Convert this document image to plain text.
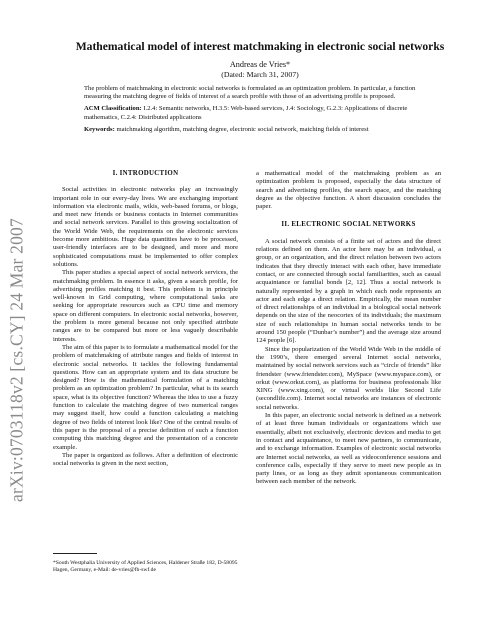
arXiv:0703118v2 [cs.CY] 24 Mar 2007
Mathematical model of interest matchmaking in electronic social networks
Andreas de Vries*
(Dated: March 31, 2007)

The problem of matchmaking in electronic social networks is formulated as an optimization problem. In particular, a function measuring the matching degree of fields of interest of a search profile with those of an advertising profile is proposed.

ACM Classification: I.2.4: Semantic networks, H.3.5: Web-based services, J.4: Sociology, G.2.3: Applications of discrete mathematics, C.2.4: Distributed applications

Keywords: matchmaking algorithm, matching degree, electronic social network, matching fields of interest

I. INTRODUCTION

Social activities in electronic networks play an increasingly important role in our every-day lives. We are exchanging important information via electronic mails, wikis, web-based forums, or blogs, and meet new friends or business contacts in Internet communities and social network services. Parallel to this growing socialization of the World Wide Web, the requirements on the electronic services become more ambitious. Huge data quantities have to be processed, user-friendly interfaces are to be designed, and more and more sophisticated computations must be implemented to offer complex solutions.

This paper studies a special aspect of social network services, the matchmaking problem. In essence it asks, given a search profile, for advertising profiles matching it best. This problem is in principle well-known in Grid computing, where computational tasks are seeking for appropriate resources such as CPU time and memory space on different computers. In electronic social networks, however, the problem is more general because not only specified attribute ranges are to be compared but more or less vaguely describable interests.

The aim of this paper is to formulate a mathematical model for the problem of matchmaking of attribute ranges and fields of interest in electronic social networks. It tackles the following fundamental questions. How can an appropriate system and its data structure be designed? How is the mathematical formulation of a matching problem as an optimization problem? In particular, what is its search space, what is its objective function? Whereas the idea to use a fuzzy function to calculate the matching degree of two numerical ranges may suggest itself, how could a function calculating a matching degree of two fields of interest look like? One of the central results of this paper is the proposal of a precise definition of such a function computing this matching degree and the presentation of a concrete example.

The paper is organized as follows. After a definition of electronic social networks is given in the next section,

a mathematical model of the matchmaking problem as an optimization problem is proposed, especially the data structure of search and advertising profiles, the search space, and the matching degree as the objective function. A short discussion concludes the paper.

II. ELECTRONIC SOCIAL NETWORKS

A social network consists of a finite set of actors and the direct relations defined on them. An actor here may be an individual, a group, or an organization, and the direct relation between two actors indicates that they directly interact with each other, have immediate contact, or are connected through social familiarities, such as casual acquaintance or familial bonds [2, 12]. Thus a social network is naturally represented by a graph in which each node represents an actor and each edge a direct relation. Empirically, the mean number of direct relationships of an individual in a biological social network depends on the size of the neocortex of its individuals; the maximum size of such relationships in human social networks tends to be around 150 people (“Dunbar’s number”) and the average size around 124 people [6].

Since the popularization of the World Wide Web in the middle of the 1990’s, there emerged several Internet social networks, maintained by social network services such as “circle of friends” like friendster (www.friendster.com), MySpace (www.myspace.com), or orkut (www.orkut.com), as platforms for business professionals like XING (www.xing.com), or virtual worlds like Second Life (secondlife.com). Internet social networks are instances of electronic social networks.

In this paper, an electronic social network is defined as a network of at least three human individuals or organizations which use essentially, albeit not exclusively, electronic devices and media to get in contact and acquaintance, to meet new partners, to communicate, and to exchange information. Examples of electronic social networks are Internet social networks, as well as videoconference sessions and conference calls, especially if they serve to meet new people as in party lines, or as long as they admit spontaneous communication between each member of the network.

*South Westphalia University of Applied Sciences, Haldener Straße 182, D-58095 Hagen, Germany, e-Mail: de-vries@fh-swf.de
